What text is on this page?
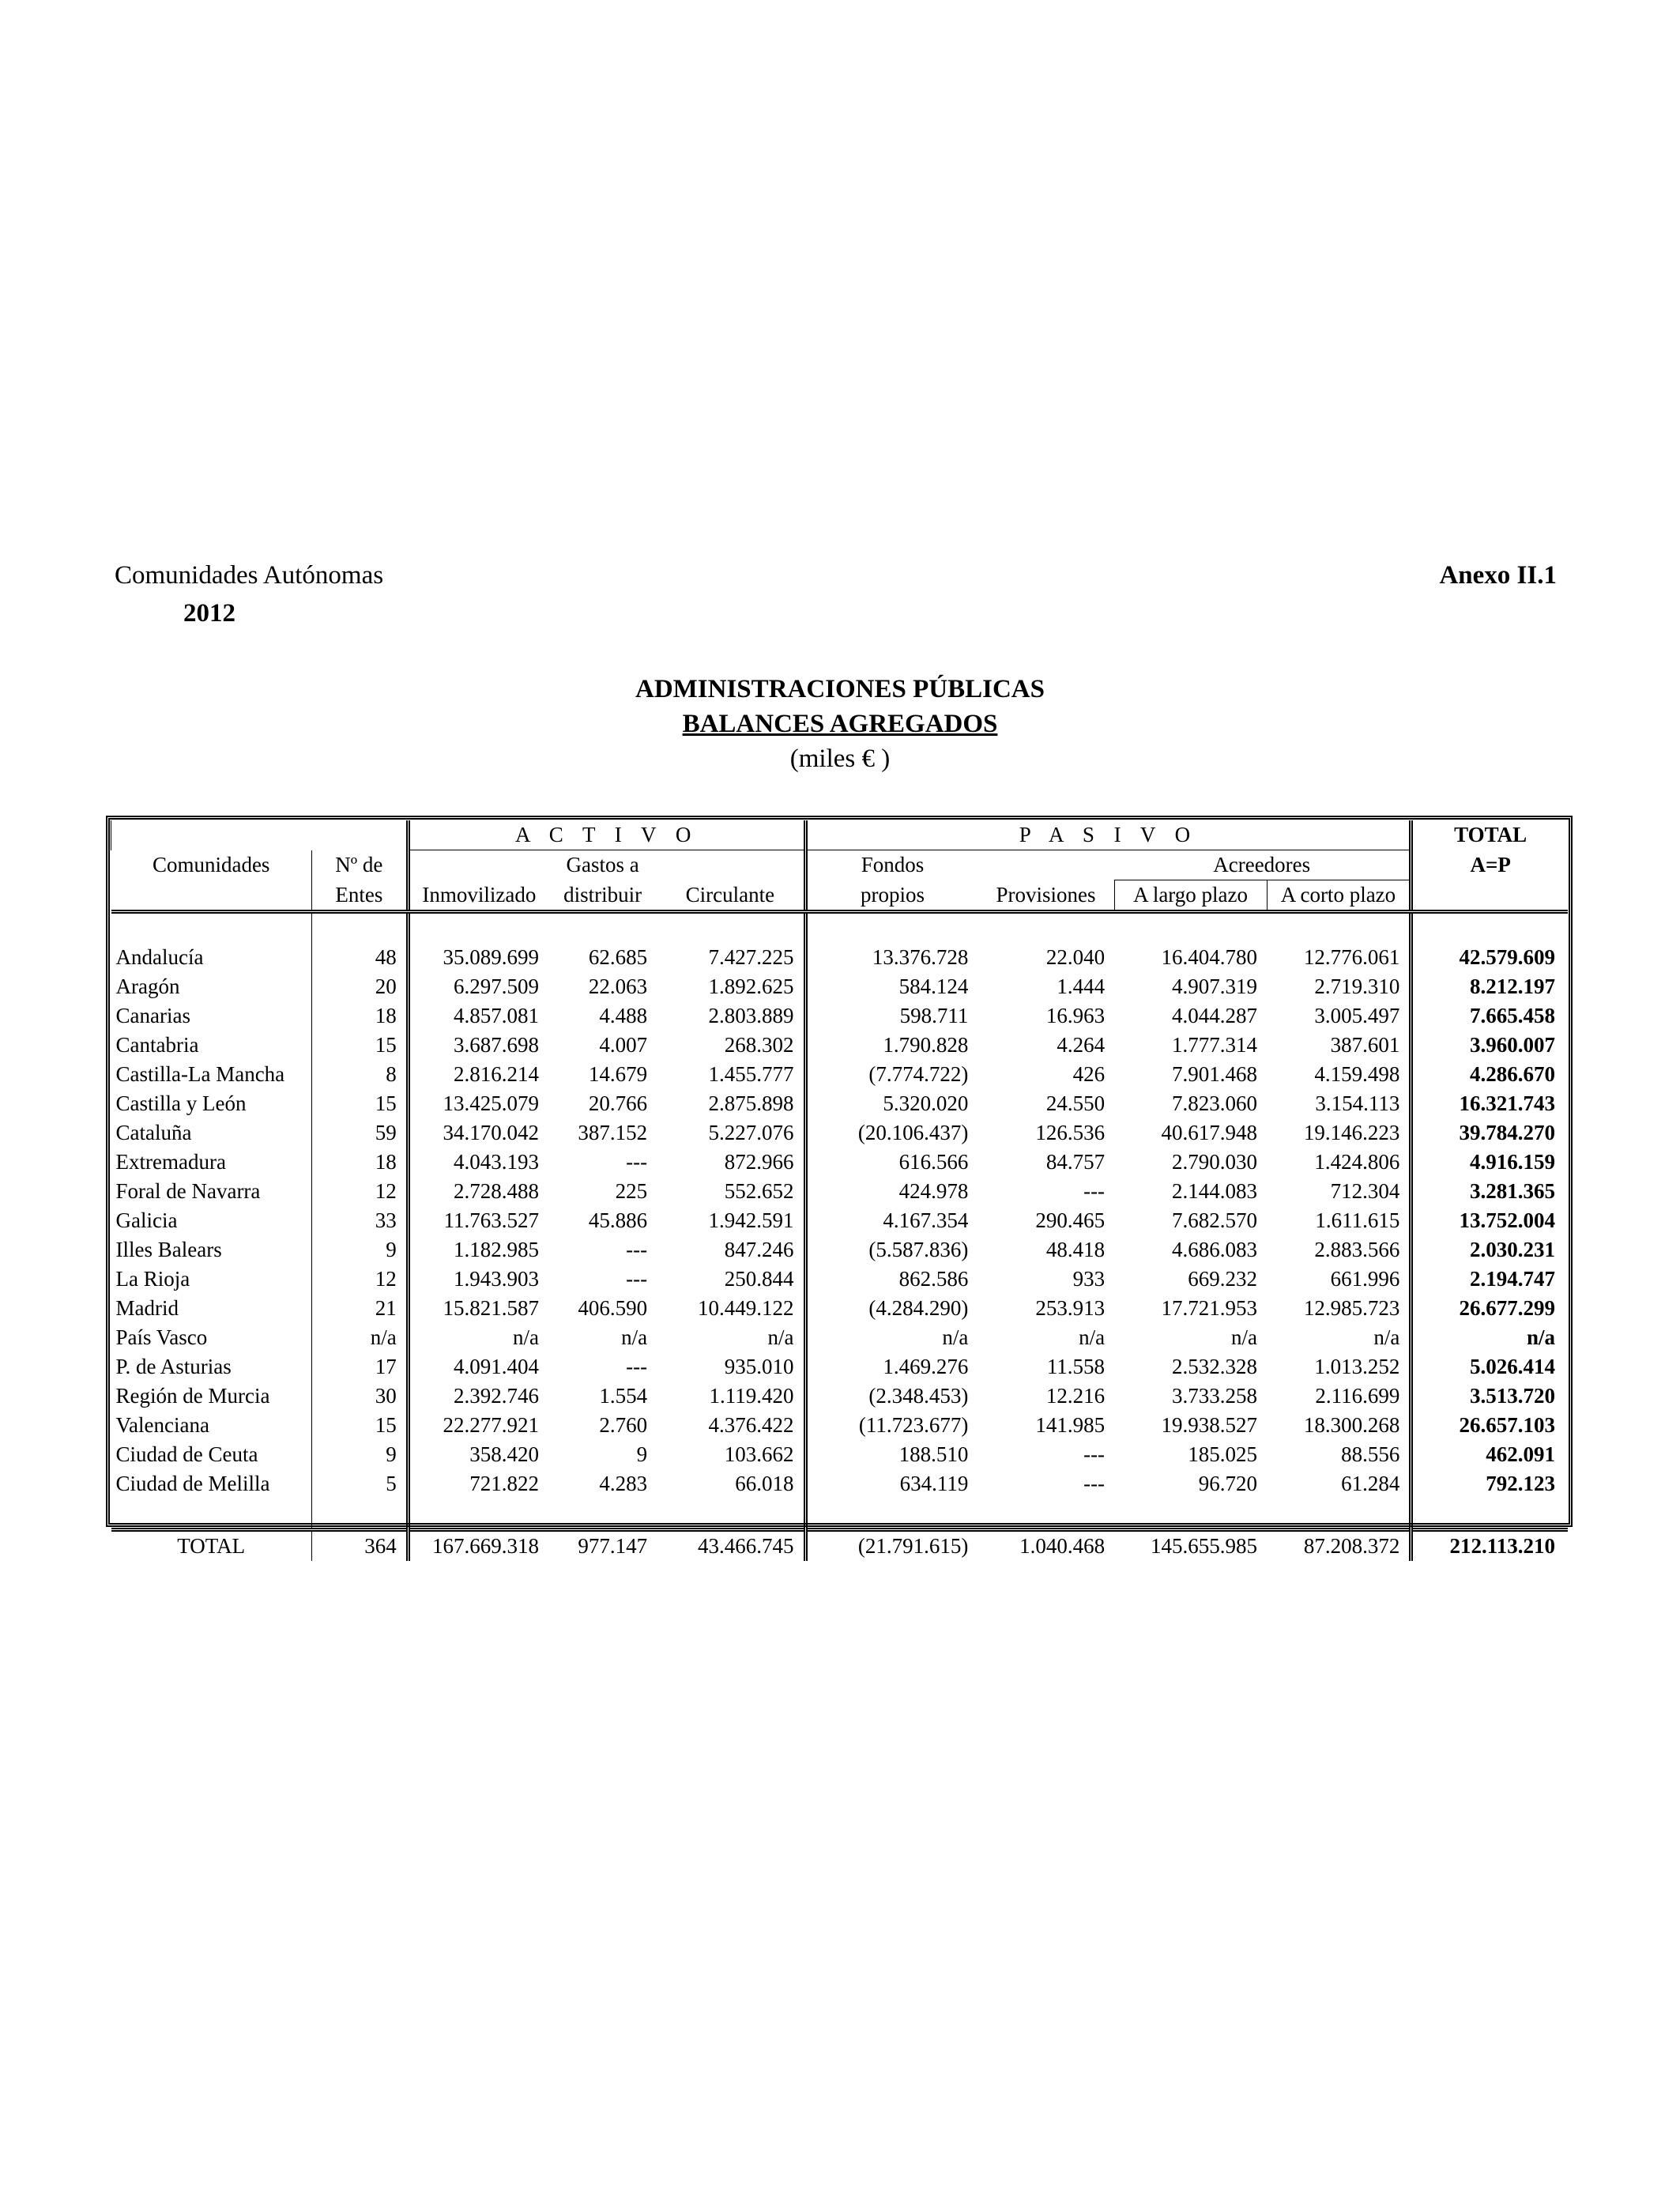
Comunidades Autónomas
2012
Anexo II.1
ADMINISTRACIONES PÚBLICAS
BALANCES AGREGADOS
(miles € )
		A C T I V O			P A S I V O				TOTAL
Comunidades	Nº de		Gastos a		Fondos		Acreedores		A=P
	Entes	Inmovilizado	distribuir	Circulante	propios	Provisiones	A largo plazo	A corto plazo	

Andalucía	48	35.089.699	62.685	7.427.225	13.376.728	22.040	16.404.780	12.776.061	42.579.609
Aragón	20	6.297.509	22.063	1.892.625	584.124	1.444	4.907.319	2.719.310	8.212.197
Canarias	18	4.857.081	4.488	2.803.889	598.711	16.963	4.044.287	3.005.497	7.665.458
Cantabria	15	3.687.698	4.007	268.302	1.790.828	4.264	1.777.314	387.601	3.960.007
Castilla-La Mancha	8	2.816.214	14.679	1.455.777	(7.774.722)	426	7.901.468	4.159.498	4.286.670
Castilla y León	15	13.425.079	20.766	2.875.898	5.320.020	24.550	7.823.060	3.154.113	16.321.743
Cataluña	59	34.170.042	387.152	5.227.076	(20.106.437)	126.536	40.617.948	19.146.223	39.784.270
Extremadura	18	4.043.193	---	872.966	616.566	84.757	2.790.030	1.424.806	4.916.159
Foral de Navarra	12	2.728.488	225	552.652	424.978	---	2.144.083	712.304	3.281.365
Galicia	33	11.763.527	45.886	1.942.591	4.167.354	290.465	7.682.570	1.611.615	13.752.004
Illes Balears	9	1.182.985	---	847.246	(5.587.836)	48.418	4.686.083	2.883.566	2.030.231
La Rioja	12	1.943.903	---	250.844	862.586	933	669.232	661.996	2.194.747
Madrid	21	15.821.587	406.590	10.449.122	(4.284.290)	253.913	17.721.953	12.985.723	26.677.299
País Vasco	n/a	n/a	n/a	n/a	n/a	n/a	n/a	n/a	n/a
P. de Asturias	17	4.091.404	---	935.010	1.469.276	11.558	2.532.328	1.013.252	5.026.414
Región de Murcia	30	2.392.746	1.554	1.119.420	(2.348.453)	12.216	3.733.258	2.116.699	3.513.720
Valenciana	15	22.277.921	2.760	4.376.422	(11.723.677)	141.985	19.938.527	18.300.268	26.657.103
Ciudad de Ceuta	9	358.420	9	103.662	188.510	---	185.025	88.556	462.091
Ciudad de Melilla	5	721.822	4.283	66.018	634.119	---	96.720	61.284	792.123

TOTAL	364	167.669.318	977.147	43.466.745	(21.791.615)	1.040.468	145.655.985	87.208.372	212.113.210
